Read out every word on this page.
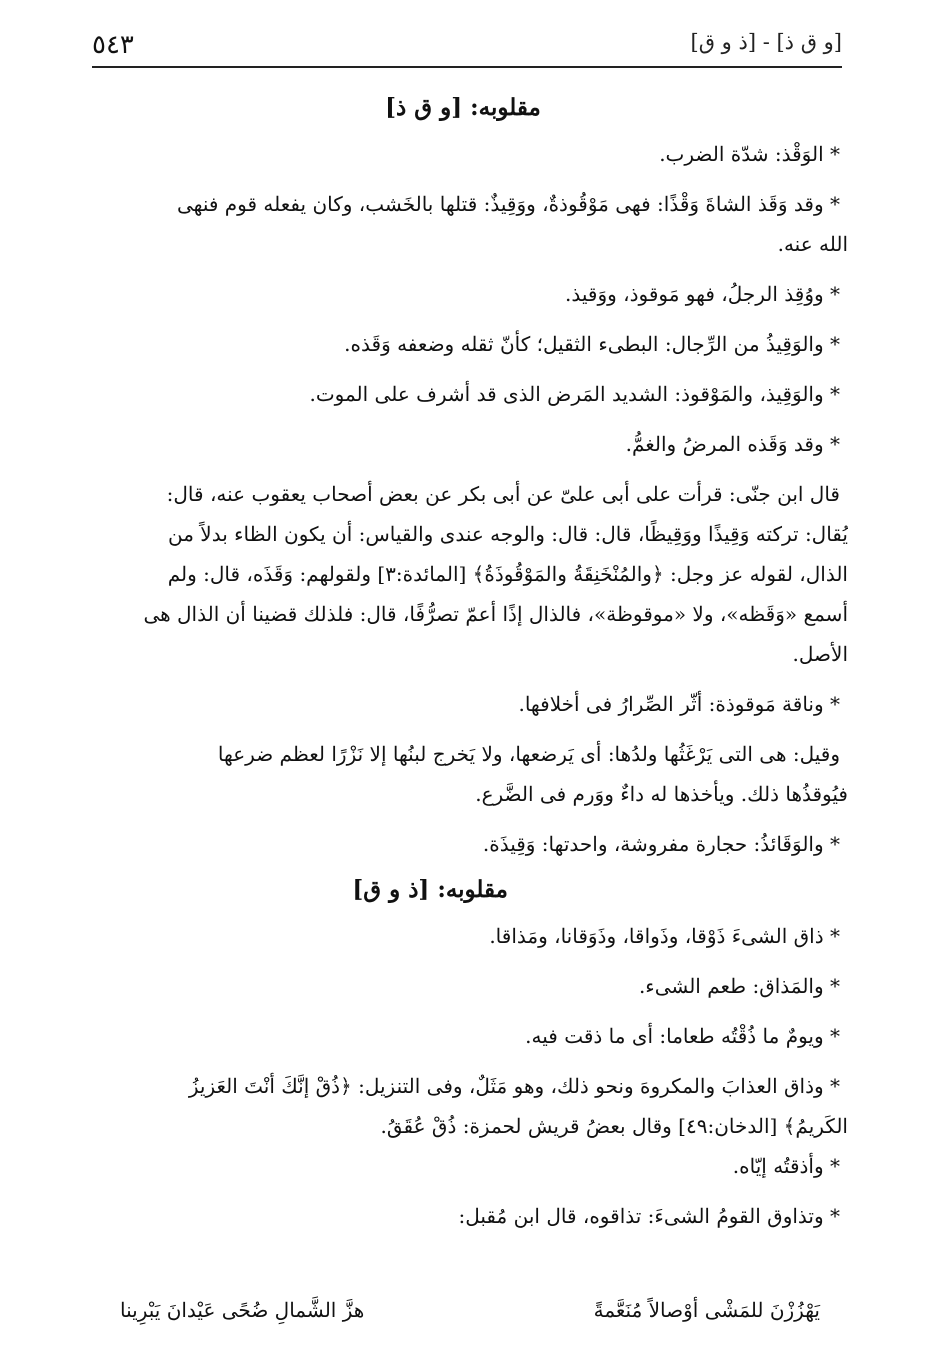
٥٤٣	[و ق ذ] - [ذ و ق]
مقلوبه: [و ق ذ]
* الوَقْذ: شدّة الضرب.
* وقد وَقَذ الشاةَ وَقْذًا: فهى مَوْقُوذةٌ، ووَقِيذٌ: قتلها بالخَشب، وكان يفعله قوم فنهى
الله عنه.
* ووُقِذ الرجلُ، فهو مَوقوذ، ووَقيذ.
* والوَقِيذُ من الرِّجال: البطىء الثقيل؛ كأنّ ثقله وضعفه وَقَذه.
* والوَقِيذ، والمَوْقوذ: الشديد المَرض الذى قد أشرف على الموت.
* وقد وَقَذه المرضُ والغمُّ.
قال ابن جنّى: قرأت على أبى علىّ عن أبى بكر عن بعض أصحاب يعقوب عنه، قال:
يُقال: تركته وَقِيذًا ووَقِيظًا، قال: قال: والوجه عندى والقياس: أن يكون الظاء بدلاً من
الذال، لقوله عز وجل: ﴿والمُنْخَنِقَةُ والمَوْقُوذَةُ﴾ [المائدة:٣] ولقولهم: وَقَذَه، قال: ولم
أسمع «وَقَظه»، ولا «موقوظة»، فالذال إذًا أعمّ تصرُّفًا، قال: فلذلك قضينا أن الذال هى
الأصل.
* وناقة مَوقوذة: أثّر الصِّرارُ فى أخلافها.
وقيل: هى التى يَرْغَثُها ولدُها: أى يَرضعها، ولا يَخرج لبنُها إلا نَزْرًا لعظم ضرعها
فيُوقذُها ذلك. ويأخذها له داءٌ ووَرم فى الضَّرع.
* والوَقَائذُ: حجارة مفروشة، واحدتها: وَقِيذَة.
مقلوبه: [ذ و ق]
* ذاق الشىءَ ذَوْقا، وذَواقا، وذَوَقانا، ومَذاقا.
* والمَذاق: طعم الشىء.
* ويومٌ ما ذُقْتُه طعاما: أى ما ذقت فيه.
* وذاق العذابَ والمكروهَ ونحو ذلك، وهو مَثَلٌ، وفى التنزيل: ﴿ذُقْ إنَّكَ أنْتَ العَزيزُ
الكَريمُ﴾ [الدخان:٤٩] وقال بعضُ قريش لحمزة: ذُقْ عُقَقُ.
* وأذقتُه إيّاه.
* وتذاوق القومُ الشىءَ: تذاقوه، قال ابن مُقبل:
يَهْزُزْنَ للمَشْى أوْصالاً مُنَعَّمةً
هزَّ الشَّمالِ ضُحًى عَيْدانَ يَبْرِينا
